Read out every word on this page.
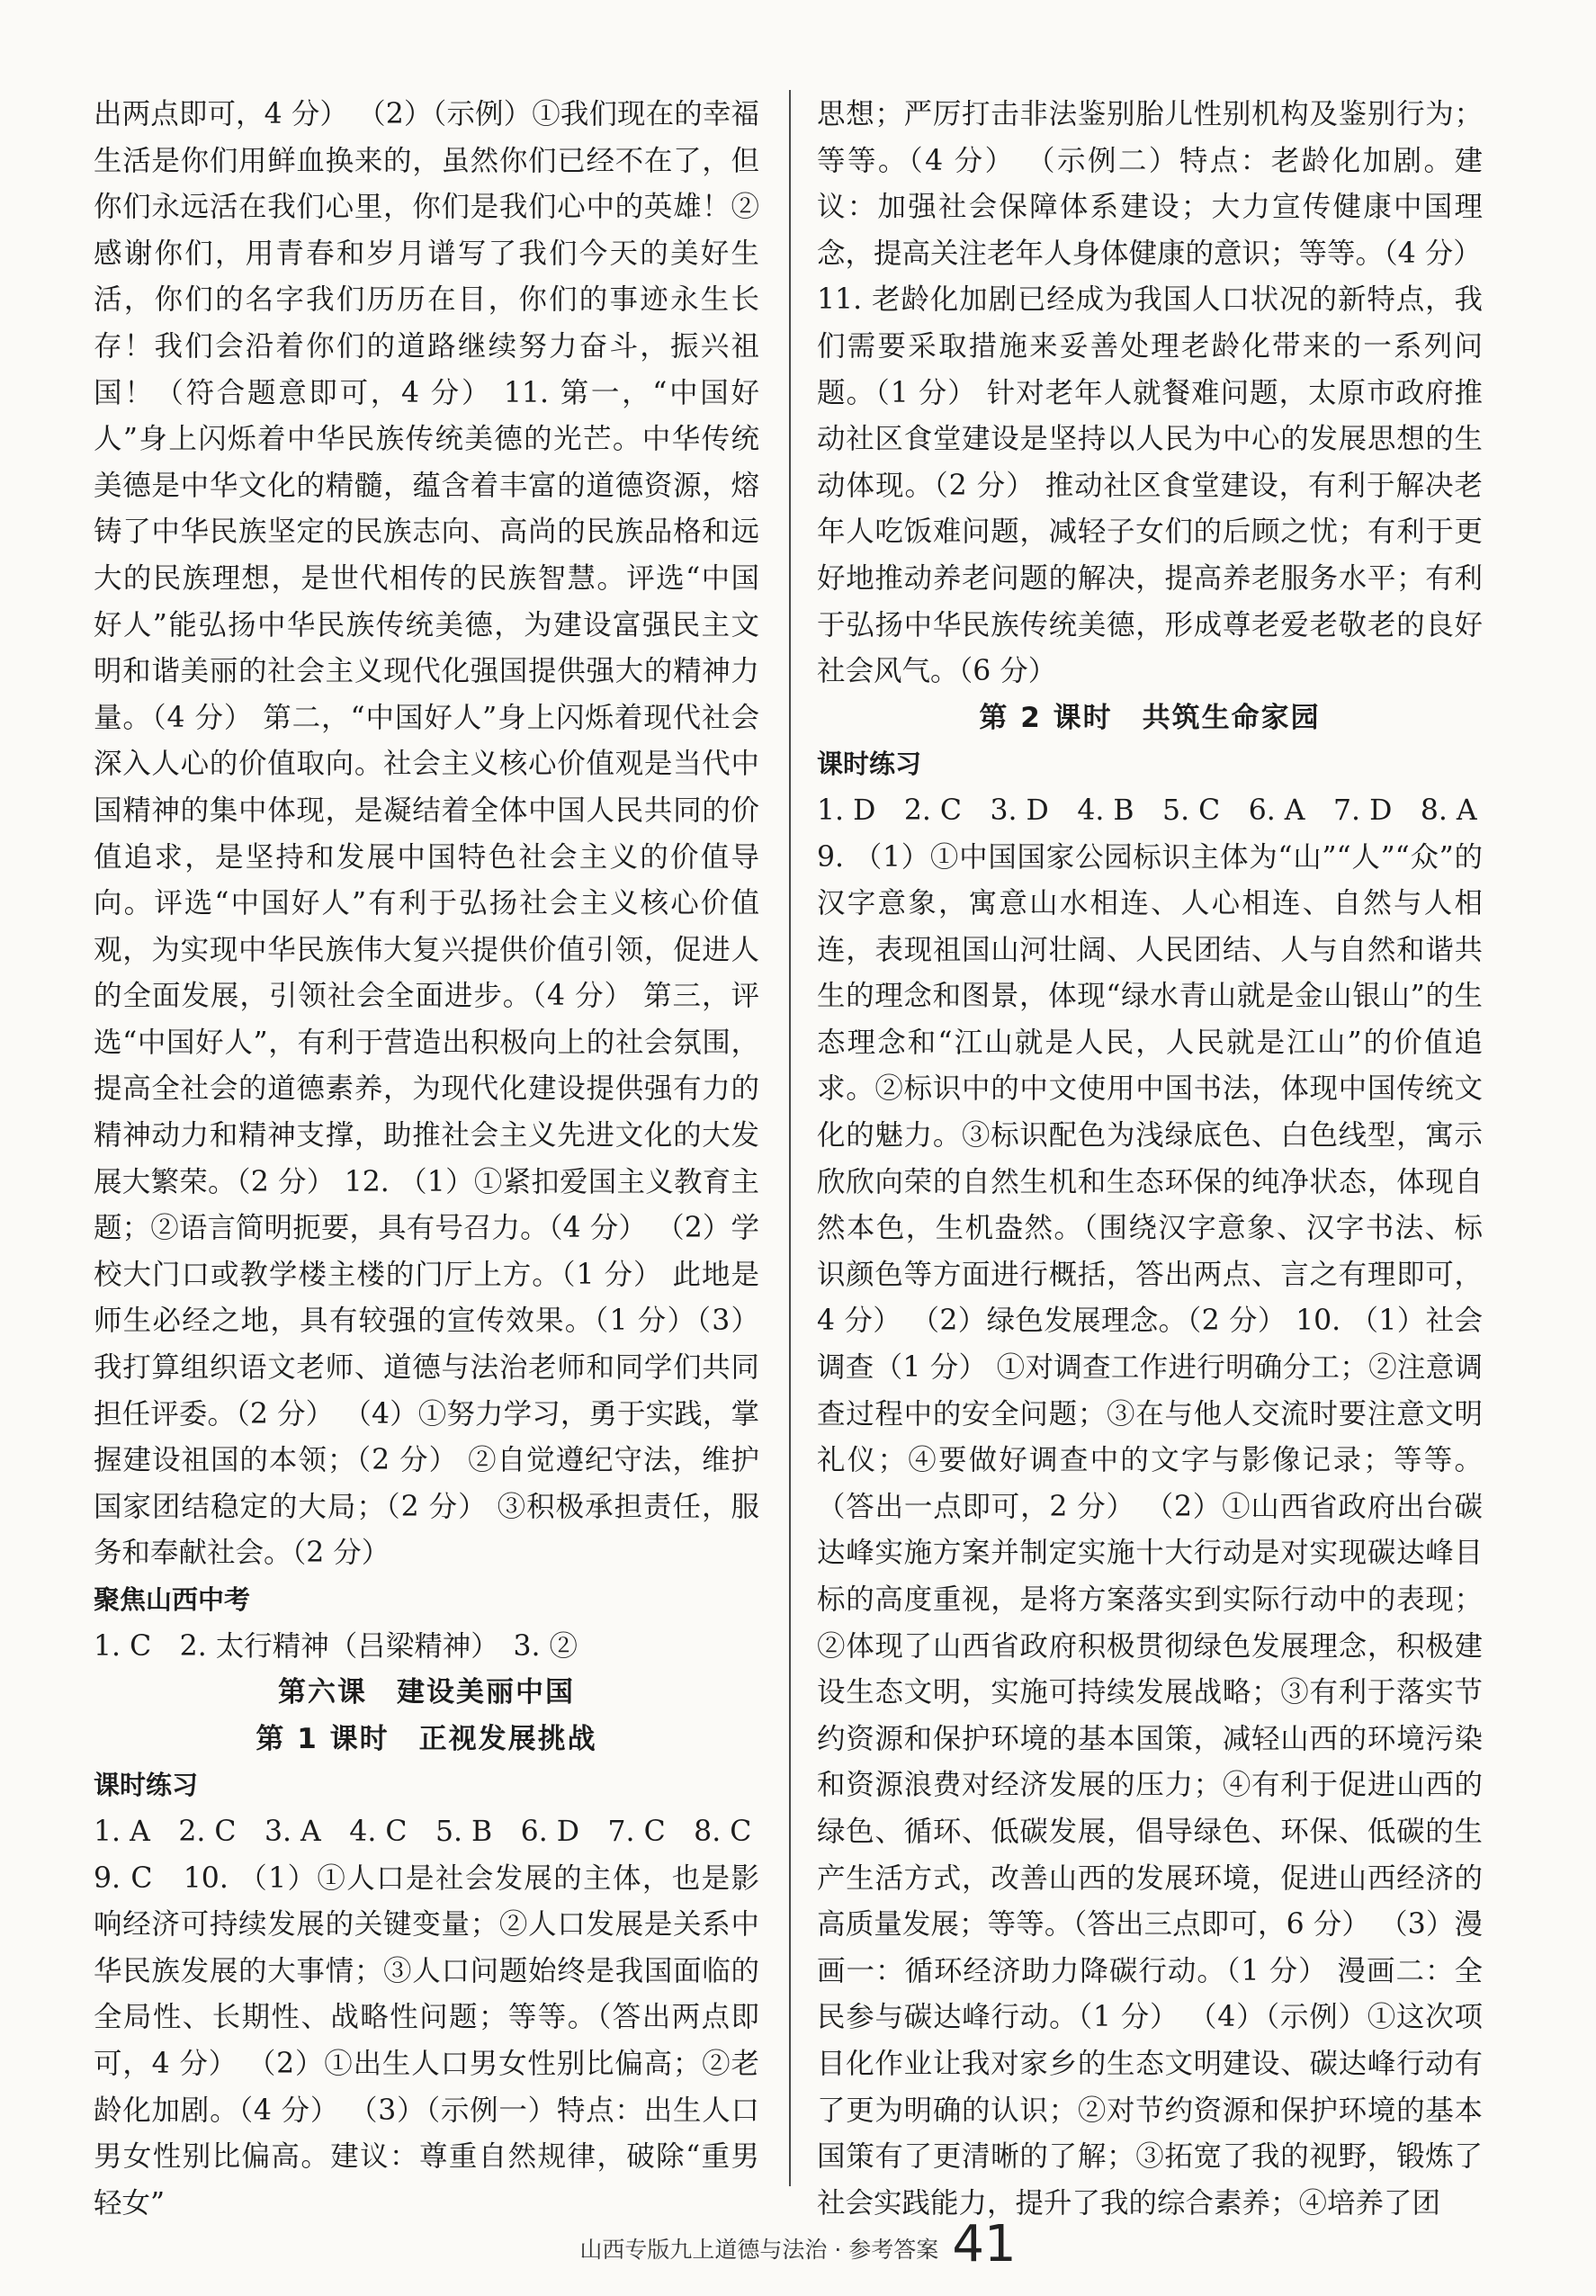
出两点即可，4 分） （2）（示例）①我们现在的幸福生活是你们用鲜血换来的，虽然你们已经不在了，但你们永远活在我们心里，你们是我们心中的英雄！②感谢你们，用青春和岁月谱写了我们今天的美好生活，你们的名字我们历历在目，你们的事迹永生长存！我们会沿着你们的道路继续努力奋斗，振兴祖国！（符合题意即可，4 分） 11. 第一，“中国好人”身上闪烁着中华民族传统美德的光芒。中华传统美德是中华文化的精髓，蕴含着丰富的道德资源，熔铸了中华民族坚定的民族志向、高尚的民族品格和远大的民族理想，是世代相传的民族智慧。评选“中国好人”能弘扬中华民族传统美德，为建设富强民主文明和谐美丽的社会主义现代化强国提供强大的精神力量。（4 分） 第二，“中国好人”身上闪烁着现代社会深入人心的价值取向。社会主义核心价值观是当代中国精神的集中体现，是凝结着全体中国人民共同的价值追求，是坚持和发展中国特色社会主义的价值导向。评选“中国好人”有利于弘扬社会主义核心价值观，为实现中华民族伟大复兴提供价值引领，促进人的全面发展，引领社会全面进步。（4 分） 第三，评选“中国好人”，有利于营造出积极向上的社会氛围，提高全社会的道德素养，为现代化建设提供强有力的精神动力和精神支撑，助推社会主义先进文化的大发展大繁荣。（2 分） 12. （1）①紧扣爱国主义教育主题；②语言简明扼要，具有号召力。（4 分） （2）学校大门口或教学楼主楼的门厅上方。（1 分） 此地是师生必经之地，具有较强的宣传效果。（1 分）（3）我打算组织语文老师、道德与法治老师和同学们共同担任评委。（2 分） （4）①努力学习，勇于实践，掌握建设祖国的本领；（2 分） ②自觉遵纪守法，维护国家团结稳定的大局；（2 分） ③积极承担责任，服务和奉献社会。（2 分）

聚焦山西中考

1. C　2. 太行精神（吕梁精神）　3. ②

第六课　建设美丽中国

第 1 课时　正视发展挑战

课时练习

1. A　2. C　3. A　4. C　5. B　6. D　7. C　8. C

9. C　10. （1）①人口是社会发展的主体，也是影响经济可持续发展的关键变量；②人口发展是关系中华民族发展的大事情；③人口问题始终是我国面临的全局性、长期性、战略性问题；等等。（答出两点即可，4 分） （2）①出生人口男女性别比偏高；②老龄化加剧。（4 分） （3）（示例一）特点：出生人口男女性别比偏高。建议：尊重自然规律，破除“重男轻女”

思想；严厉打击非法鉴别胎儿性别机构及鉴别行为；等等。（4 分） （示例二）特点：老龄化加剧。建议：加强社会保障体系建设；大力宣传健康中国理念，提高关注老年人身体健康的意识；等等。（4 分）

11. 老龄化加剧已经成为我国人口状况的新特点，我们需要采取措施来妥善处理老龄化带来的一系列问题。（1 分） 针对老年人就餐难问题，太原市政府推动社区食堂建设是坚持以人民为中心的发展思想的生动体现。（2 分） 推动社区食堂建设，有利于解决老年人吃饭难问题，减轻子女们的后顾之忧；有利于更好地推动养老问题的解决，提高养老服务水平；有利于弘扬中华民族传统美德，形成尊老爱老敬老的良好社会风气。（6 分）

第 2 课时　共筑生命家园

课时练习

1. D　2. C　3. D　4. B　5. C　6. A　7. D　8. A

9. （1）①中国国家公园标识主体为“山”“人”“众”的汉字意象，寓意山水相连、人心相连、自然与人相连，表现祖国山河壮阔、人民团结、人与自然和谐共生的理念和图景，体现“绿水青山就是金山银山”的生态理念和“江山就是人民，人民就是江山”的价值追求。②标识中的中文使用中国书法，体现中国传统文化的魅力。③标识配色为浅绿底色、白色线型，寓示欣欣向荣的自然生机和生态环保的纯净状态，体现自然本色，生机盎然。（围绕汉字意象、汉字书法、标识颜色等方面进行概括，答出两点、言之有理即可，4 分） （2）绿色发展理念。（2 分） 10. （1）社会调查（1 分） ①对调查工作进行明确分工；②注意调查过程中的安全问题；③在与他人交流时要注意文明礼仪；④要做好调查中的文字与影像记录；等等。（答出一点即可，2 分） （2）①山西省政府出台碳达峰实施方案并制定实施十大行动是对实现碳达峰目标的高度重视，是将方案落实到实际行动中的表现；②体现了山西省政府积极贯彻绿色发展理念，积极建设生态文明，实施可持续发展战略；③有利于落实节约资源和保护环境的基本国策，减轻山西的环境污染和资源浪费对经济发展的压力；④有利于促进山西的绿色、循环、低碳发展，倡导绿色、环保、低碳的生产生活方式，改善山西的发展环境，促进山西经济的高质量发展；等等。（答出三点即可，6 分） （3）漫画一：循环经济助力降碳行动。（1 分） 漫画二：全民参与碳达峰行动。（1 分） （4）（示例）①这次项目化作业让我对家乡的生态文明建设、碳达峰行动有了更为明确的认识；②对节约资源和保护环境的基本国策有了更清晰的了解；③拓宽了我的视野，锻炼了社会实践能力，提升了我的综合素养；④培养了团

山西专版九上道德与法治 · 参考答案 41
